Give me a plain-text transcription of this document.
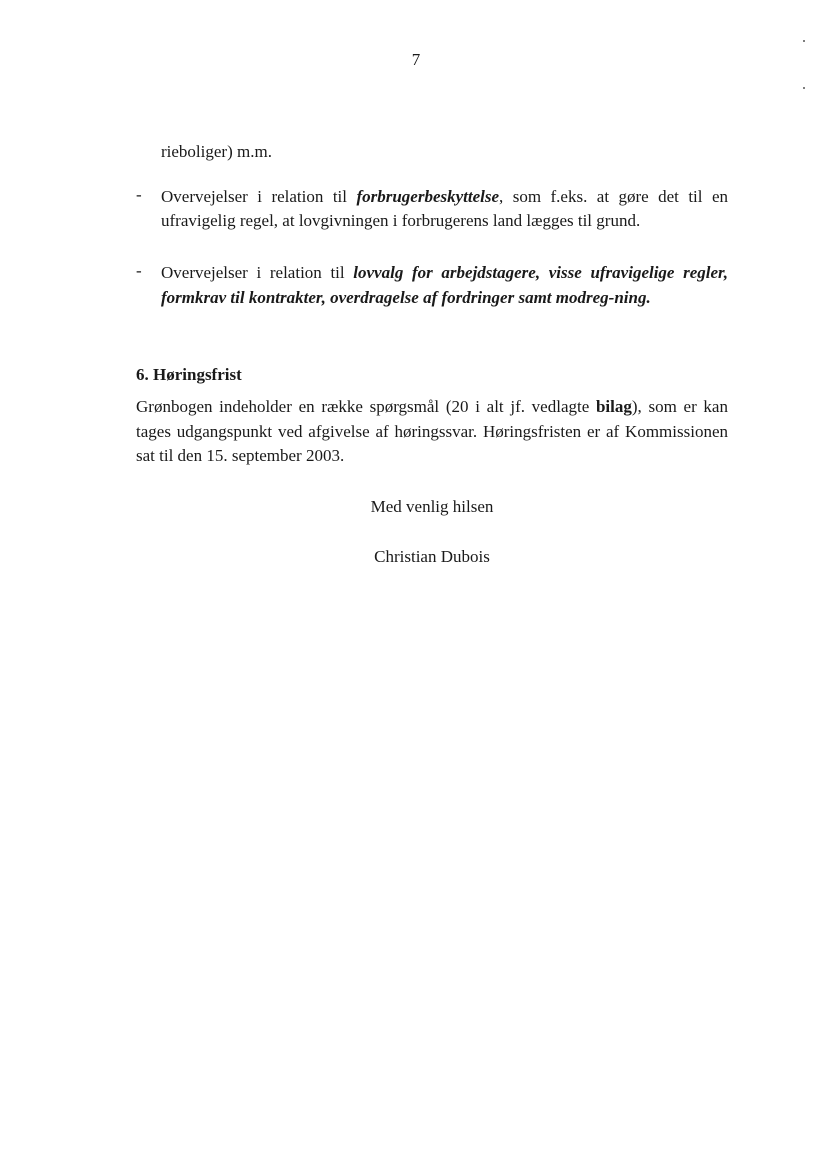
7
rieboliger) m.m.
- Overvejelser i relation til forbrugerbeskyttelse, som f.eks. at gøre det til en ufravigelig regel, at lovgivningen i forbrugerens land lægges til grund.
- Overvejelser i relation til lovvalg for arbejdstagere, visse ufravigelige regler, formkrav til kontrakter, overdragelse af fordringer samt modreg-ning.
6. Høringsfrist
Grønbogen indeholder en række spørgsmål (20 i alt jf. vedlagte bilag), som er kan tages udgangspunkt ved afgivelse af høringssvar. Høringsfristen er af Kommissionen sat til den 15. september 2003.
Med venlig hilsen
Christian Dubois
